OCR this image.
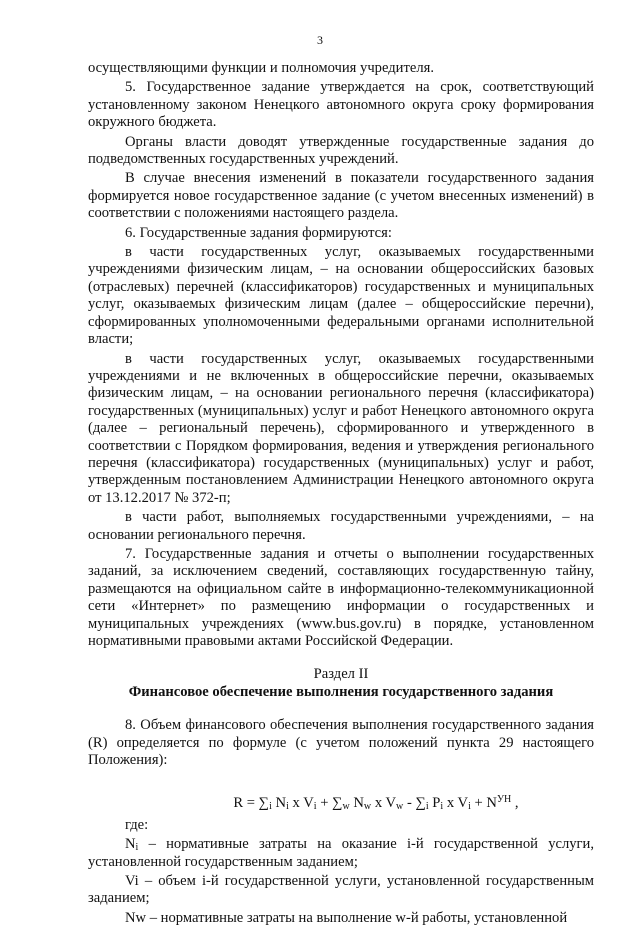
3

осуществляющими функции и полномочия учредителя.

5. Государственное задание утверждается на срок, соответствующий установленному законом Ненецкого автономного округа сроку формирования окружного бюджета.

Органы власти доводят утвержденные государственные задания до подведомственных государственных учреждений.

В случае внесения изменений в показатели государственного задания формируется новое государственное задание (с учетом внесенных изменений) в соответствии с положениями настоящего раздела.

6. Государственные задания формируются:

в части государственных услуг, оказываемых государственными учреждениями физическим лицам, – на основании общероссийских базовых (отраслевых) перечней (классификаторов) государственных и муниципальных услуг, оказываемых физическим лицам (далее – общероссийские перечни), сформированных уполномоченными федеральными органами исполнительной власти;

в части государственных услуг, оказываемых государственными учреждениями и не включенных в общероссийские перечни, оказываемых физическим лицам, – на основании регионального перечня (классификатора) государственных (муниципальных) услуг и работ Ненецкого автономного округа (далее – региональный перечень), сформированного и утвержденного в соответствии с Порядком формирования, ведения и утверждения регионального перечня (классификатора) государственных (муниципальных) услуг и работ, утвержденным постановлением Администрации Ненецкого автономного округа от 13.12.2017 № 372-п;

в части работ, выполняемых государственными учреждениями, – на основании регионального перечня.

7. Государственные задания и отчеты о выполнении государственных заданий, за исключением сведений, составляющих государственную тайну, размещаются на официальном сайте в информационно-телекоммуникационной сети «Интернет» по размещению информации о государственных и муниципальных учреждениях (www.bus.gov.ru) в порядке, установленном нормативными правовыми актами Российской Федерации.

Раздел II

Финансовое обеспечение выполнения государственного задания

8. Объем финансового обеспечения выполнения государственного задания (R) определяется по формуле (с учетом положений пункта 29 настоящего Положения):

$R = \sum_i$ $N_i$ x $V_i + \sum_w$ $N_w$ x $V_w - \sum_i$ $P_i$ x $V_i + N^{УН}$ ,

где:

$N_i$ – нормативные затраты на оказание i-й государственной услуги, установленной государственным заданием;

Vi – объем i-й государственной услуги, установленной государственным заданием;

Nw – нормативные затраты на выполнение w-й работы, установленной
